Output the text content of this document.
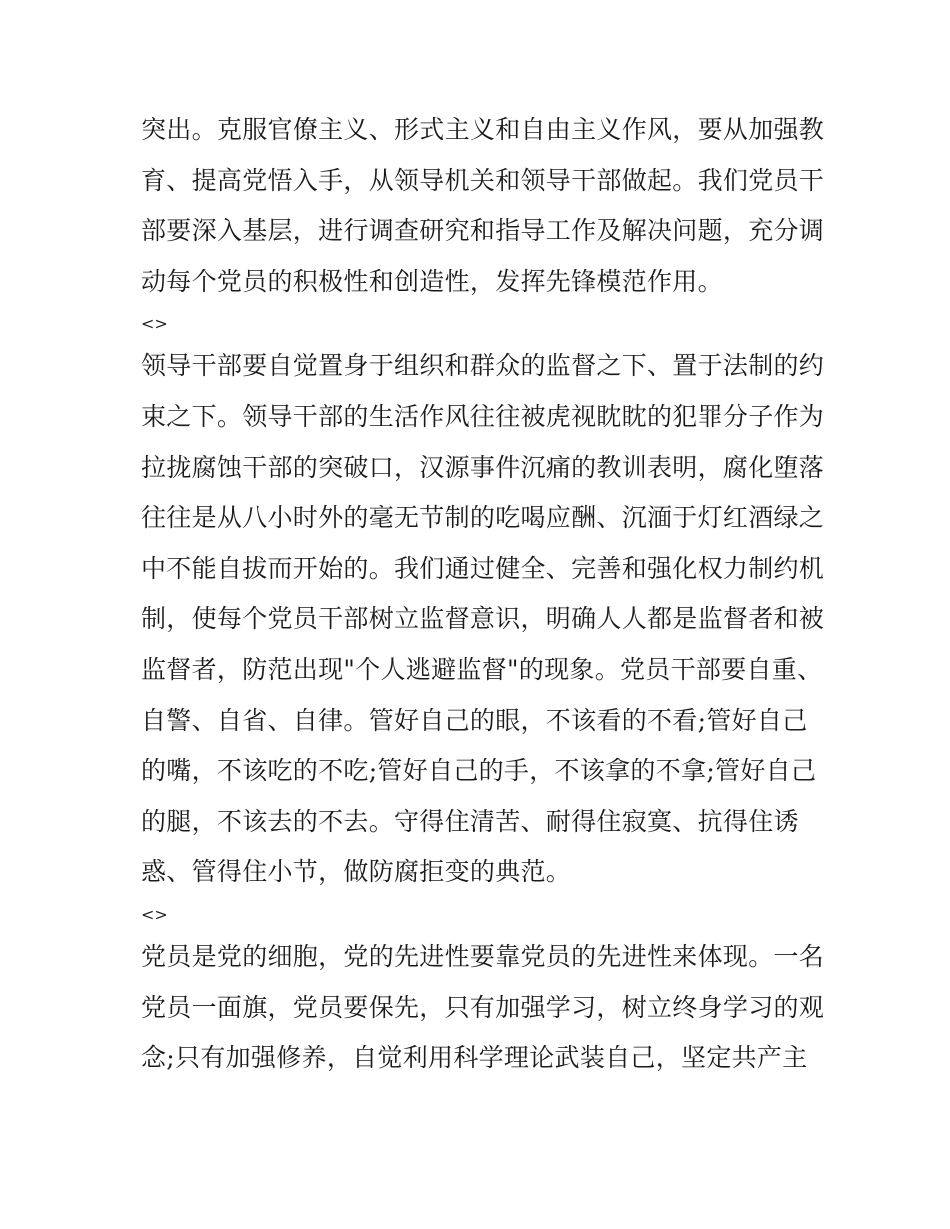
突出。克服官僚主义、形式主义和自由主义作风，要从加强教
育、提高党悟入手，从领导机关和领导干部做起。我们党员干
部要深入基层，进行调查研究和指导工作及解决问题，充分调
动每个党员的积极性和创造性，发挥先锋模范作用。
<>
领导干部要自觉置身于组织和群众的监督之下、置于法制的约
束之下。领导干部的生活作风往往被虎视眈眈的犯罪分子作为
拉拢腐蚀干部的突破口，汉源事件沉痛的教训表明，腐化堕落
往往是从八小时外的毫无节制的吃喝应酬、沉湎于灯红酒绿之
中不能自拔而开始的。我们通过健全、完善和强化权力制约机
制，使每个党员干部树立监督意识，明确人人都是监督者和被
监督者，防范出现"个人逃避监督"的现象。党员干部要自重、
自警、自省、自律。管好自己的眼，不该看的不看;管好自己
的嘴，不该吃的不吃;管好自己的手，不该拿的不拿;管好自己
的腿，不该去的不去。守得住清苦、耐得住寂寞、抗得住诱
惑、管得住小节，做防腐拒变的典范。
<>
党员是党的细胞，党的先进性要靠党员的先进性来体现。一名
党员一面旗，党员要保先，只有加强学习，树立终身学习的观
念;只有加强修养，自觉利用科学理论武装自己，坚定共产主
